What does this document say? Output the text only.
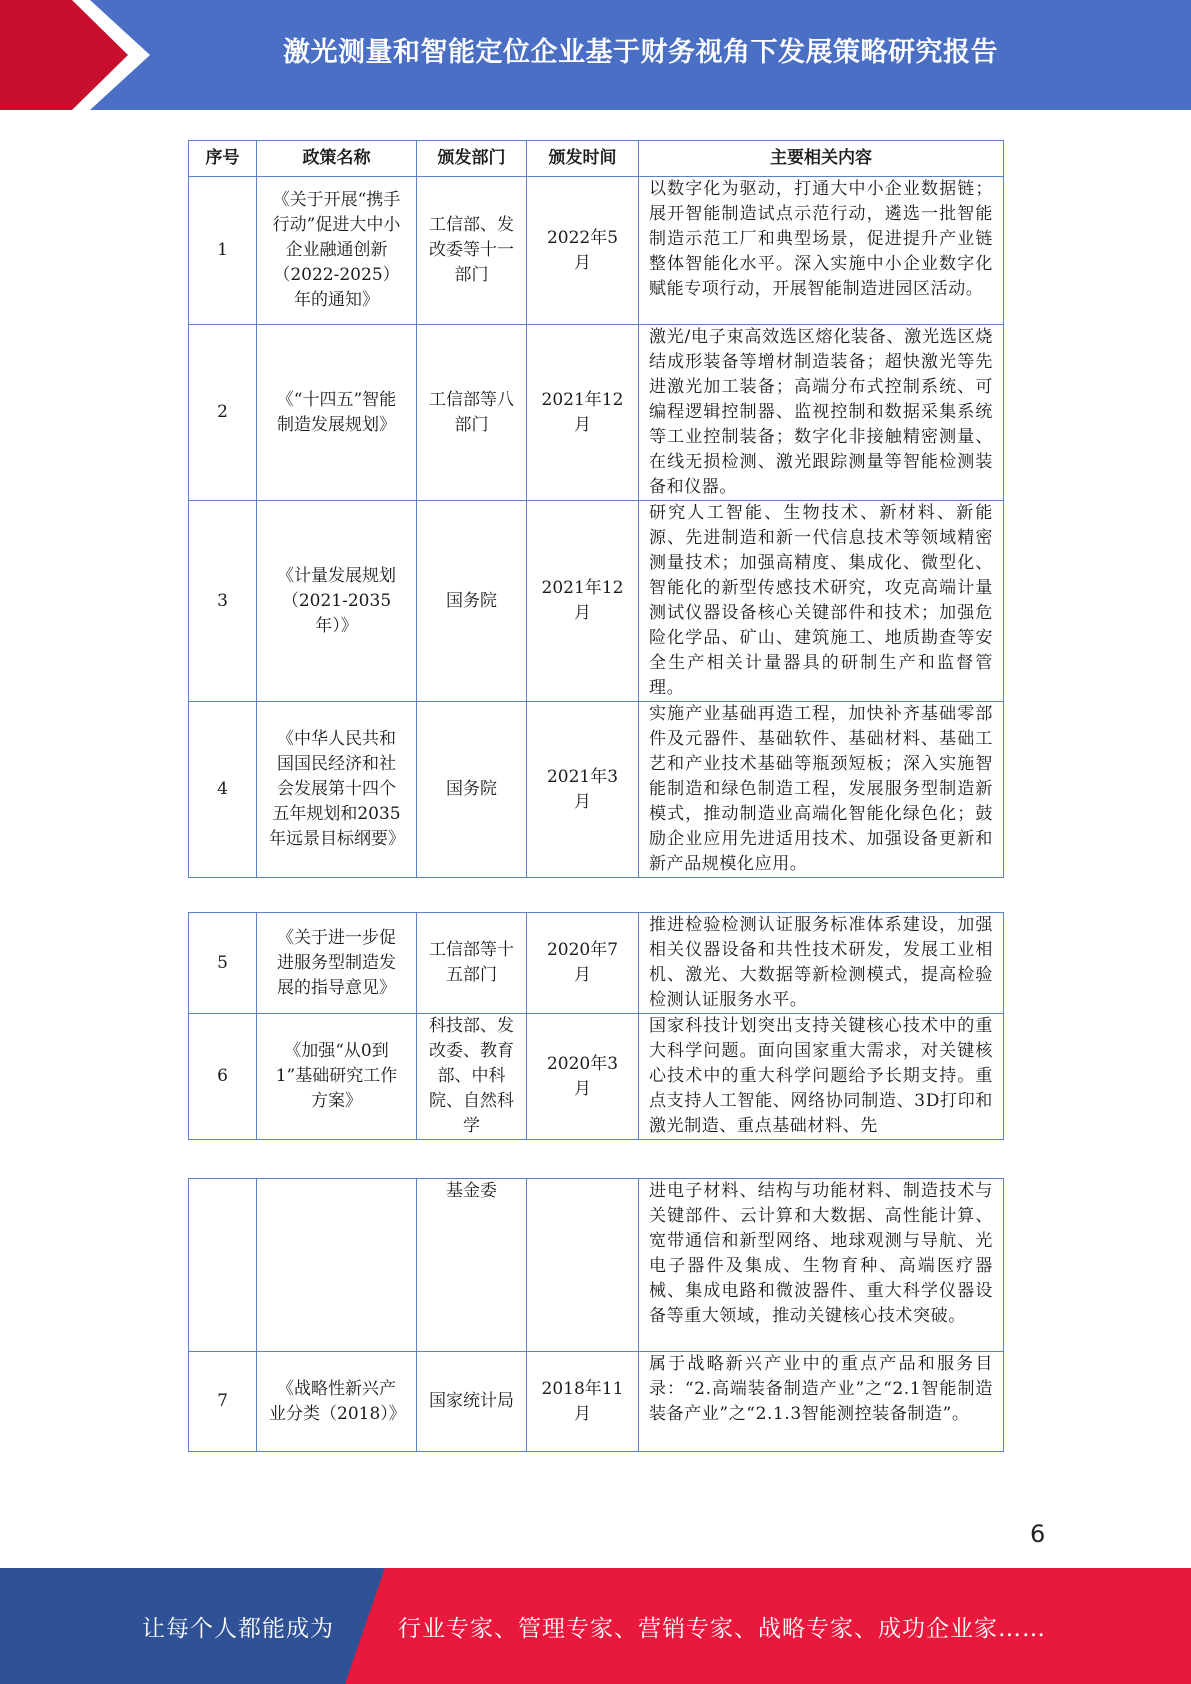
激光测量和智能定位企业基于财务视角下发展策略研究报告
序号	政策名称	颁发部门	颁发时间	主要相关内容
1	《关于开展“携手行动”促进大中小企业融通创新（2022-2025）年的通知》	工信部、发改委等十一部门	2022年5月	以数字化为驱动，打通大中小企业数据链；展开智能制造试点示范行动，遴选一批智能制造示范工厂和典型场景，促进提升产业链整体智能化水平。深入实施中小企业数字化赋能专项行动，开展智能制造进园区活动。
2	《“十四五”智能制造发展规划》	工信部等八部门	2021年12月	激光/电子束高效选区熔化装备、激光选区烧结成形装备等增材制造装备；超快激光等先进激光加工装备；高端分布式控制系统、可编程逻辑控制器、监视控制和数据采集系统等工业控制装备；数字化非接触精密测量、在线无损检测、激光跟踪测量等智能检测装备和仪器。
3	《计量发展规划（2021-2035年）》	国务院	2021年12月	研究人工智能、生物技术、新材料、新能源、先进制造和新一代信息技术等领域精密测量技术；加强高精度、集成化、微型化、智能化的新型传感技术研究，攻克高端计量测试仪器设备核心关键部件和技术；加强危险化学品、矿山、建筑施工、地质勘查等安全生产相关计量器具的研制生产和监督管理。
4	《中华人民共和国国民经济和社会发展第十四个五年规划和2035年远景目标纲要》	国务院	2021年3月	实施产业基础再造工程，加快补齐基础零部件及元器件、基础软件、基础材料、基础工艺和产业技术基础等瓶颈短板；深入实施智能制造和绿色制造工程，发展服务型制造新模式，推动制造业高端化智能化绿色化；鼓励企业应用先进适用技术、加强设备更新和新产品规模化应用。
5	《关于进一步促进服务型制造发展的指导意见》	工信部等十五部门	2020年7月	推进检验检测认证服务标准体系建设，加强相关仪器设备和共性技术研发，发展工业相机、激光、大数据等新检测模式，提高检验检测认证服务水平。
6	《加强“从0到1”基础研究工作方案》	科技部、发改委、教育部、中科院、自然科学	2020年3月	国家科技计划突出支持关键核心技术中的重大科学问题。面向国家重大需求，对关键核心技术中的重大科学问题给予长期支持。重点支持人工智能、网络协同制造、3D打印和激光制造、重点基础材料、先
		基金委		进电子材料、结构与功能材料、制造技术与关键部件、云计算和大数据、高性能计算、宽带通信和新型网络、地球观测与导航、光电子器件及集成、生物育种、高端医疗器械、集成电路和微波器件、重大科学仪器设备等重大领域，推动关键核心技术突破。
7	《战略性新兴产业分类（2018）》	国家统计局	2018年11月	属于战略新兴产业中的重点产品和服务目录：“2.高端装备制造产业”之“2.1智能制造装备产业”之“2.1.3智能测控装备制造”。
6
让每个人都能成为	行业专家、管理专家、营销专家、战略专家、成功企业家……
